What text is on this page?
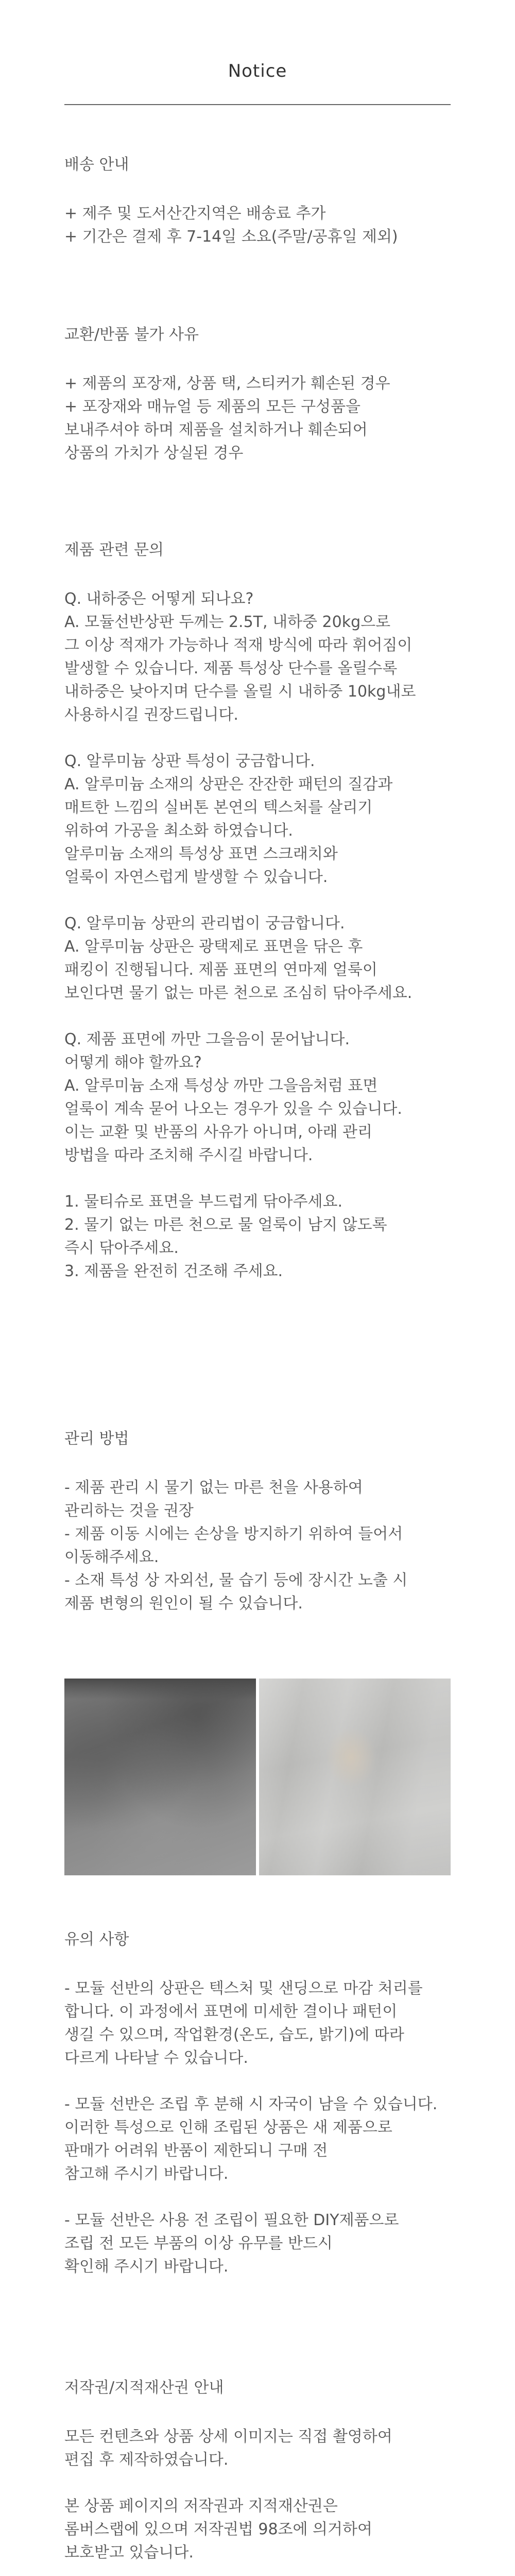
Notice
배송 안내
+ 제주 및 도서산간지역은 배송료 추가
+ 기간은 결제 후 7-14일 소요(주말/공휴일 제외)
교환/반품 불가 사유
+ 제품의 포장재, 상품 택, 스티커가 훼손된 경우
+ 포장재와 매뉴얼 등 제품의 모든 구성품을
보내주셔야 하며 제품을 설치하거나 훼손되어
상품의 가치가 상실된 경우
제품 관련 문의
Q. 내하중은 어떻게 되나요?
A. 모듈선반상판 두께는 2.5T, 내하중 20kg으로
그 이상 적재가 가능하나 적재 방식에 따라 휘어짐이
발생할 수 있습니다. 제품 특성상 단수를 올릴수록
내하중은 낮아지며 단수를 올릴 시 내하중 10kg내로
사용하시길 권장드립니다.
Q. 알루미늄 상판 특성이 궁금합니다.
A. 알루미늄 소재의 상판은 잔잔한 패턴의 질감과
매트한 느낌의 실버톤 본연의 텍스처를 살리기
위하여 가공을 최소화 하였습니다.
알루미늄 소재의 특성상 표면 스크래치와
얼룩이 자연스럽게 발생할 수 있습니다.
Q. 알루미늄 상판의 관리법이 궁금합니다.
A. 알루미늄 상판은 광택제로 표면을 닦은 후
패킹이 진행됩니다. 제품 표면의 연마제 얼룩이
보인다면 물기 없는 마른 천으로 조심히 닦아주세요.
Q. 제품 표면에 까만 그을음이 묻어납니다.
어떻게 해야 할까요?
A. 알루미늄 소재 특성상 까만 그을음처럼 표면
얼룩이 계속 묻어 나오는 경우가 있을 수 있습니다.
이는 교환 및 반품의 사유가 아니며, 아래 관리
방법을 따라 조치해 주시길 바랍니다.
1. 물티슈로 표면을 부드럽게 닦아주세요.
2. 물기 없는 마른 천으로 물 얼룩이 남지 않도록
즉시 닦아주세요.
3. 제품을 완전히 건조해 주세요.
관리 방법
- 제품 관리 시 물기 없는 마른 천을 사용하여
관리하는 것을 권장
- 제품 이동 시에는 손상을 방지하기 위하여 들어서
이동해주세요.
- 소재 특성 상 자외선, 물 습기 등에 장시간 노출 시
제품 변형의 원인이 될 수 있습니다.
유의 사항
- 모듈 선반의 상판은 텍스처 및 샌딩으로 마감 처리를
합니다. 이 과정에서 표면에 미세한 결이나 패턴이
생길 수 있으며, 작업환경(온도, 습도, 밝기)에 따라
다르게 나타날 수 있습니다.
- 모듈 선반은 조립 후 분해 시 자국이 남을 수 있습니다.
이러한 특성으로 인해 조립된 상품은 새 제품으로
판매가 어려워 반품이 제한되니 구매 전
참고해 주시기 바랍니다.
- 모듈 선반은 사용 전 조립이 필요한 DIY제품으로
조립 전 모든 부품의 이상 유무를 반드시
확인해 주시기 바랍니다.
저작권/지적재산권 안내
모든 컨텐츠와 상품 상세 이미지는 직접 촬영하여
편집 후 제작하였습니다.
본 상품 페이지의 저작권과 지적재산권은
롬버스랩에 있으며 저작권법 98조에 의거하여
보호받고 있습니다.
